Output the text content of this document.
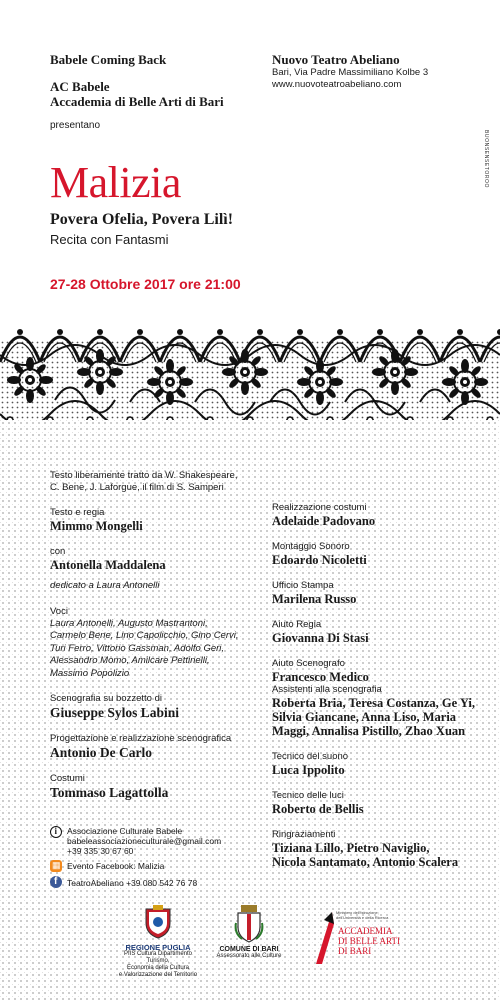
Babele Coming Back
AC Babele
Accademia di Belle Arti di Bari
presentano
Nuovo Teatro Abeliano
Bari, Via Padre Massimiliano Kolbe 3
www.nuovoteatroabeliano.com
BUONSENSETOROO
Malizia
Povera Ofelia, Povera Lilì!
Recita con Fantasmi
27-28 Ottobre 2017 ore 21:00
Testo liberamente tratto da W. Shakespeare,
C. Bene, J. Laforgue, il film di S. Samperi
Testo e regia
Mimmo Mongelli
con
Antonella Maddalena
dedicato a Laura Antonelli
Voci
Laura Antonelli, Augusto Mastrantoni,
Carmelo Bene, Lino Capolicchio, Gino Cervi,
Turi Ferro, Vittorio Gassman, Adolfo Geri,
Alessandro Momo, Amilcare Pettinelli,
Massimo Popolizio
Scenografia su bozzetto di
Giuseppe Sylos Labini
Progettazione e realizzazione scenografica
Antonio De Carlo
Costumi
Tommaso Lagattolla
Realizzazione costumi
Adelaide Padovano
Montaggio Sonoro
Edoardo Nicoletti
Ufficio Stampa
Marilena Russo
Aiuto Regia
Giovanna Di Stasi
Aiuto Scenografo
Francesco Medico
Assistenti alla scenografia
Roberta Bria, Teresa Costanza, Ge Yi,
Silvia Giancane, Anna Liso, Maria
Maggi, Annalisa Pistillo, Zhao Xuan
Tecnico del suono
Luca Ippolito
Tecnico delle luci
Roberto de Bellis
Ringraziamenti
Tiziana Lillo, Pietro Naviglio,
Nicola Santamato, Antonio Scalera
i Associazione Culturale Babele
babeleassociazioneculturale@gmail.com
+39 335 30 67 60
▦ Evento Facebook: Malizia
f TeatroAbeliano +39 080 542 76 78
REGIONE PUGLIA
PIIS Cultura Dipartimento Turismo,
Economia della Cultura
e Valorizzazione del Territorio
COMUNE DI BARI
Assessorato alle Culture
Ministero dell'Istruzione,
dell'Università e della Ricerca
ACCADEMIA
DI BELLE ARTI
DI BARI
